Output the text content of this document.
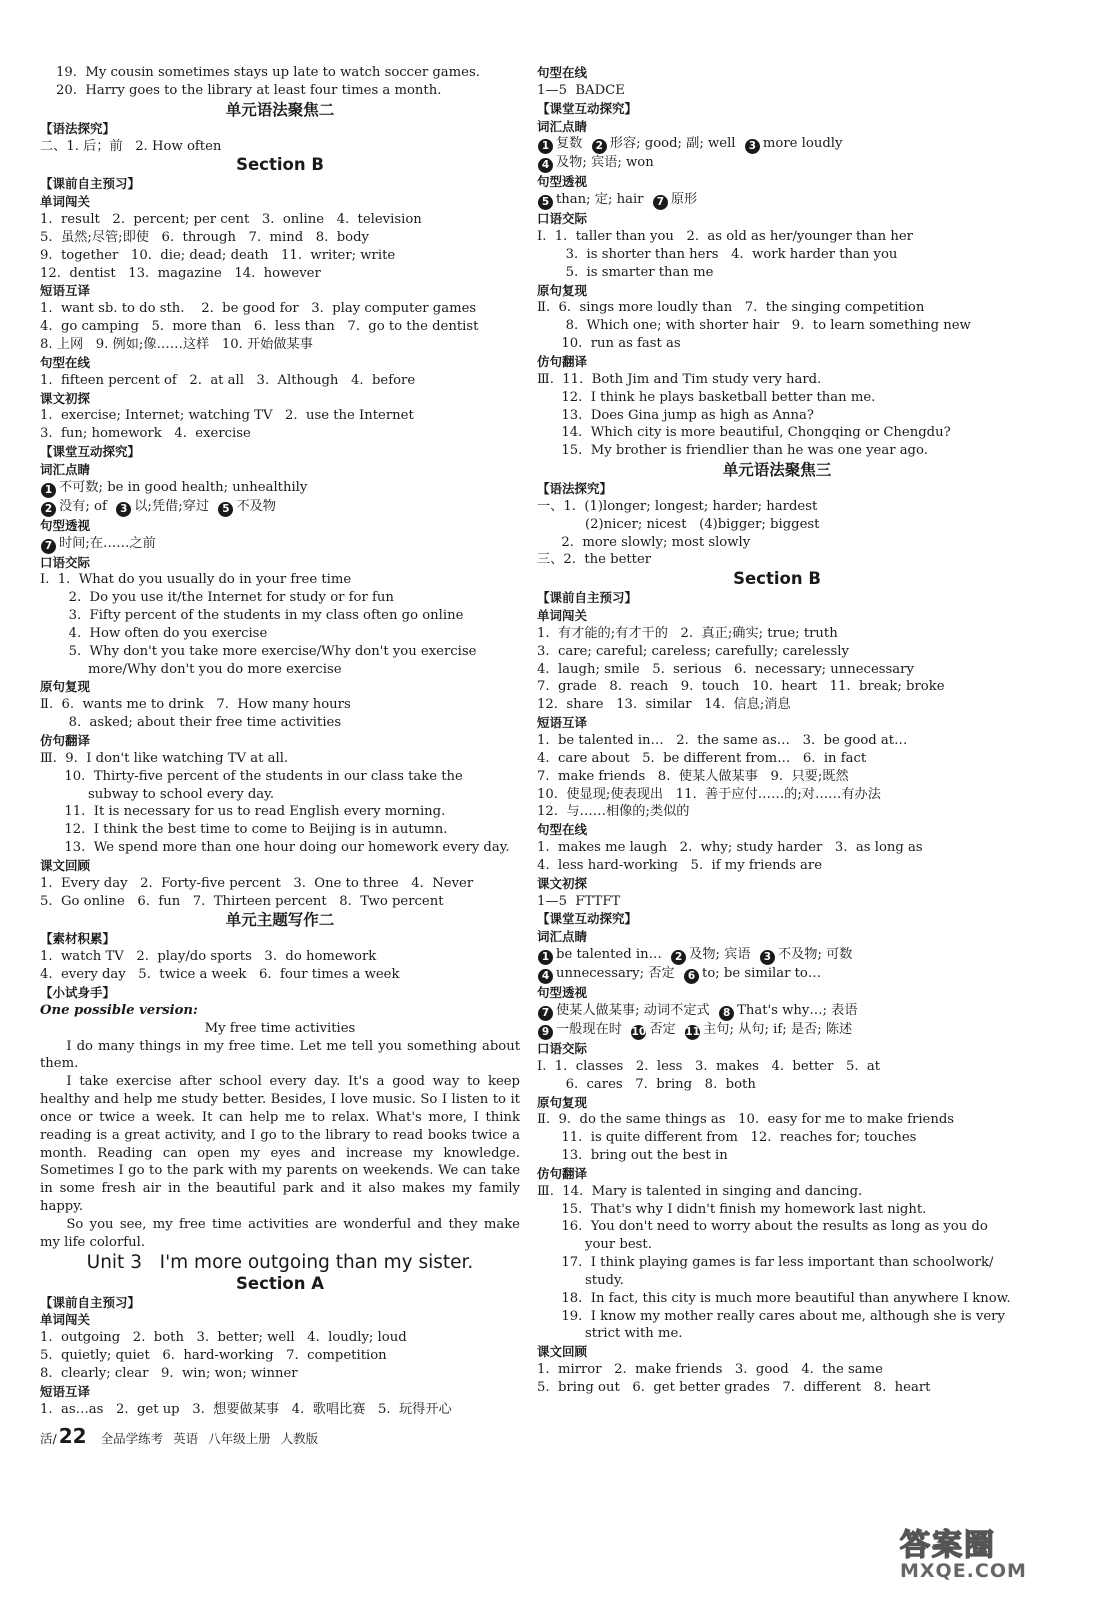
19.  My cousin sometimes stays up late to watch soccer games.
20.  Harry goes to the library at least four times a month.
单元语法聚焦二
【语法探究】
二、1. 后；前   2. How often
Section B
【课前自主预习】
单词闯关
1.  result   2.  percent; per cent   3.  online   4.  television
5.  虽然;尽管;即使   6.  through   7.  mind   8.  body
9.  together   10.  die; dead; death   11.  writer; write
12.  dentist   13.  magazine   14.  however
短语互译
1.  want sb. to do sth.    2.  be good for   3.  play computer games
4.  go camping   5.  more than   6.  less than   7.  go to the dentist
8. 上网   9. 例如;像……这样   10. 开始做某事
句型在线
1.  fifteen percent of   2.  at all   3.  Although   4.  before
课文初探
1.  exercise; Internet; watching TV   2.  use the Internet
3.  fun; homework   4.  exercise
【课堂互动探究】
词汇点睛
1 不可数; be in good health; unhealthily
2 没有; of  3 以;凭借;穿过  5 不及物
句型透视
7 时间;在……之前
口语交际
Ⅰ.  1.  What do you usually do in your free time
2.  Do you use it/the Internet for study or for fun
3.  Fifty percent of the students in my class often go online
4.  How often do you exercise
5.  Why don't you take more exercise/Why don't you exercise
more/Why don't you do more exercise
原句复现
Ⅱ.  6.  wants me to drink   7.  How many hours
8.  asked; about their free time activities
仿句翻译
Ⅲ.  9.  I don't like watching TV at all.
10.  Thirty-five percent of the students in our class take the
subway to school every day.
11.  It is necessary for us to read English every morning.
12.  I think the best time to come to Beijing is in autumn.
13.  We spend more than one hour doing our homework every day.
课文回顾
1.  Every day   2.  Forty-five percent   3.  One to three   4.  Never
5.  Go online   6.  fun   7.  Thirteen percent   8.  Two percent
单元主题写作二
【素材积累】
1.  watch TV   2.  play/do sports   3.  do homework
4.  every day   5.  twice a week   6.  four times a week
【小试身手】
One possible version:
My free time activities
I do many things in my free time. Let me tell you something about them.
I take exercise after school every day. It's a good way to keep healthy and help me study better. Besides, I love music. So I listen to it once or twice a week. It can help me to relax. What's more, I think reading is a great activity, and I go to the library to read books twice a month. Reading can open my eyes and increase my knowledge. Sometimes I go to the park with my parents on weekends. We can take in some fresh air in the beautiful park and it also makes my family happy.
So you see, my free time activities are wonderful and they make my life colorful.
Unit 3   I'm more outgoing than my sister.
Section A
【课前自主预习】
单词闯关
1.  outgoing   2.  both   3.  better; well   4.  loudly; loud
5.  quietly; quiet   6.  hard-working   7.  competition
8.  clearly; clear   9.  win; won; winner
短语互译
1.  as…as   2.  get up   3.  想要做某事   4.  歌唱比赛   5.  玩得开心
句型在线
1—5  BADCE
【课堂互动探究】
词汇点睛
1 复数  2 形容; good; 副; well  3 more loudly
4 及物; 宾语; won
句型透视
5 than; 定; hair  7 原形
口语交际
Ⅰ.  1.  taller than you   2.  as old as her/younger than her
3.  is shorter than hers   4.  work harder than you
5.  is smarter than me
原句复现
Ⅱ.  6.  sings more loudly than   7.  the singing competition
8.  Which one; with shorter hair   9.  to learn something new
10.  run as fast as
仿句翻译
Ⅲ.  11.  Both Jim and Tim study very hard.
12.  I think he plays basketball better than me.
13.  Does Gina jump as high as Anna?
14.  Which city is more beautiful, Chongqing or Chengdu?
15.  My brother is friendlier than he was one year ago.
单元语法聚焦三
【语法探究】
一、1.  (1)longer; longest; harder; hardest
(2)nicer; nicest   (4)bigger; biggest
2.  more slowly; most slowly
三、2.  the better
Section B
【课前自主预习】
单词闯关
1.  有才能的;有才干的   2.  真正;确实; true; truth
3.  care; careful; careless; carefully; carelessly
4.  laugh; smile   5.  serious   6.  necessary; unnecessary
7.  grade   8.  reach   9.  touch   10.  heart   11.  break; broke
12.  share   13.  similar   14.  信息;消息
短语互译
1.  be talented in…   2.  the same as…   3.  be good at…
4.  care about   5.  be different from…   6.  in fact
7.  make friends   8.  使某人做某事   9.  只要;既然
10.  使显现;使表现出   11.  善于应付……的;对……有办法
12.  与……相像的;类似的
句型在线
1.  makes me laugh   2.  why; study harder   3.  as long as
4.  less hard-working   5.  if my friends are
课文初探
1—5  FTTFT
【课堂互动探究】
词汇点睛
1 be talented in…  2 及物; 宾语  3 不及物; 可数
4 unnecessary; 否定  6 to; be similar to…
句型透视
7 使某人做某事; 动词不定式  8 That's why…; 表语
9 一般现在时  10 否定  11 主句; 从句; if; 是否; 陈述
口语交际
Ⅰ.  1.  classes   2.  less   3.  makes   4.  better   5.  at
6.  cares   7.  bring   8.  both
原句复现
Ⅱ.  9.  do the same things as   10.  easy for me to make friends
11.  is quite different from   12.  reaches for; touches
13.  bring out the best in
仿句翻译
Ⅲ.  14.  Mary is talented in singing and dancing.
15.  That's why I didn't finish my homework last night.
16.  You don't need to worry about the results as long as you do
your best.
17.  I think playing games is far less important than schoolwork/
study.
18.  In fact, this city is much more beautiful than anywhere I know.
19.  I know my mother really cares about me, although she is very
strict with me.
课文回顾
1.  mirror   2.  make friends   3.  good   4.  the same
5.  bring out   6.  get better grades   7.  different   8.  heart
活/ 22 全品学练考 英语 八年级上册 人教版
答案圈
MXQE.COM
